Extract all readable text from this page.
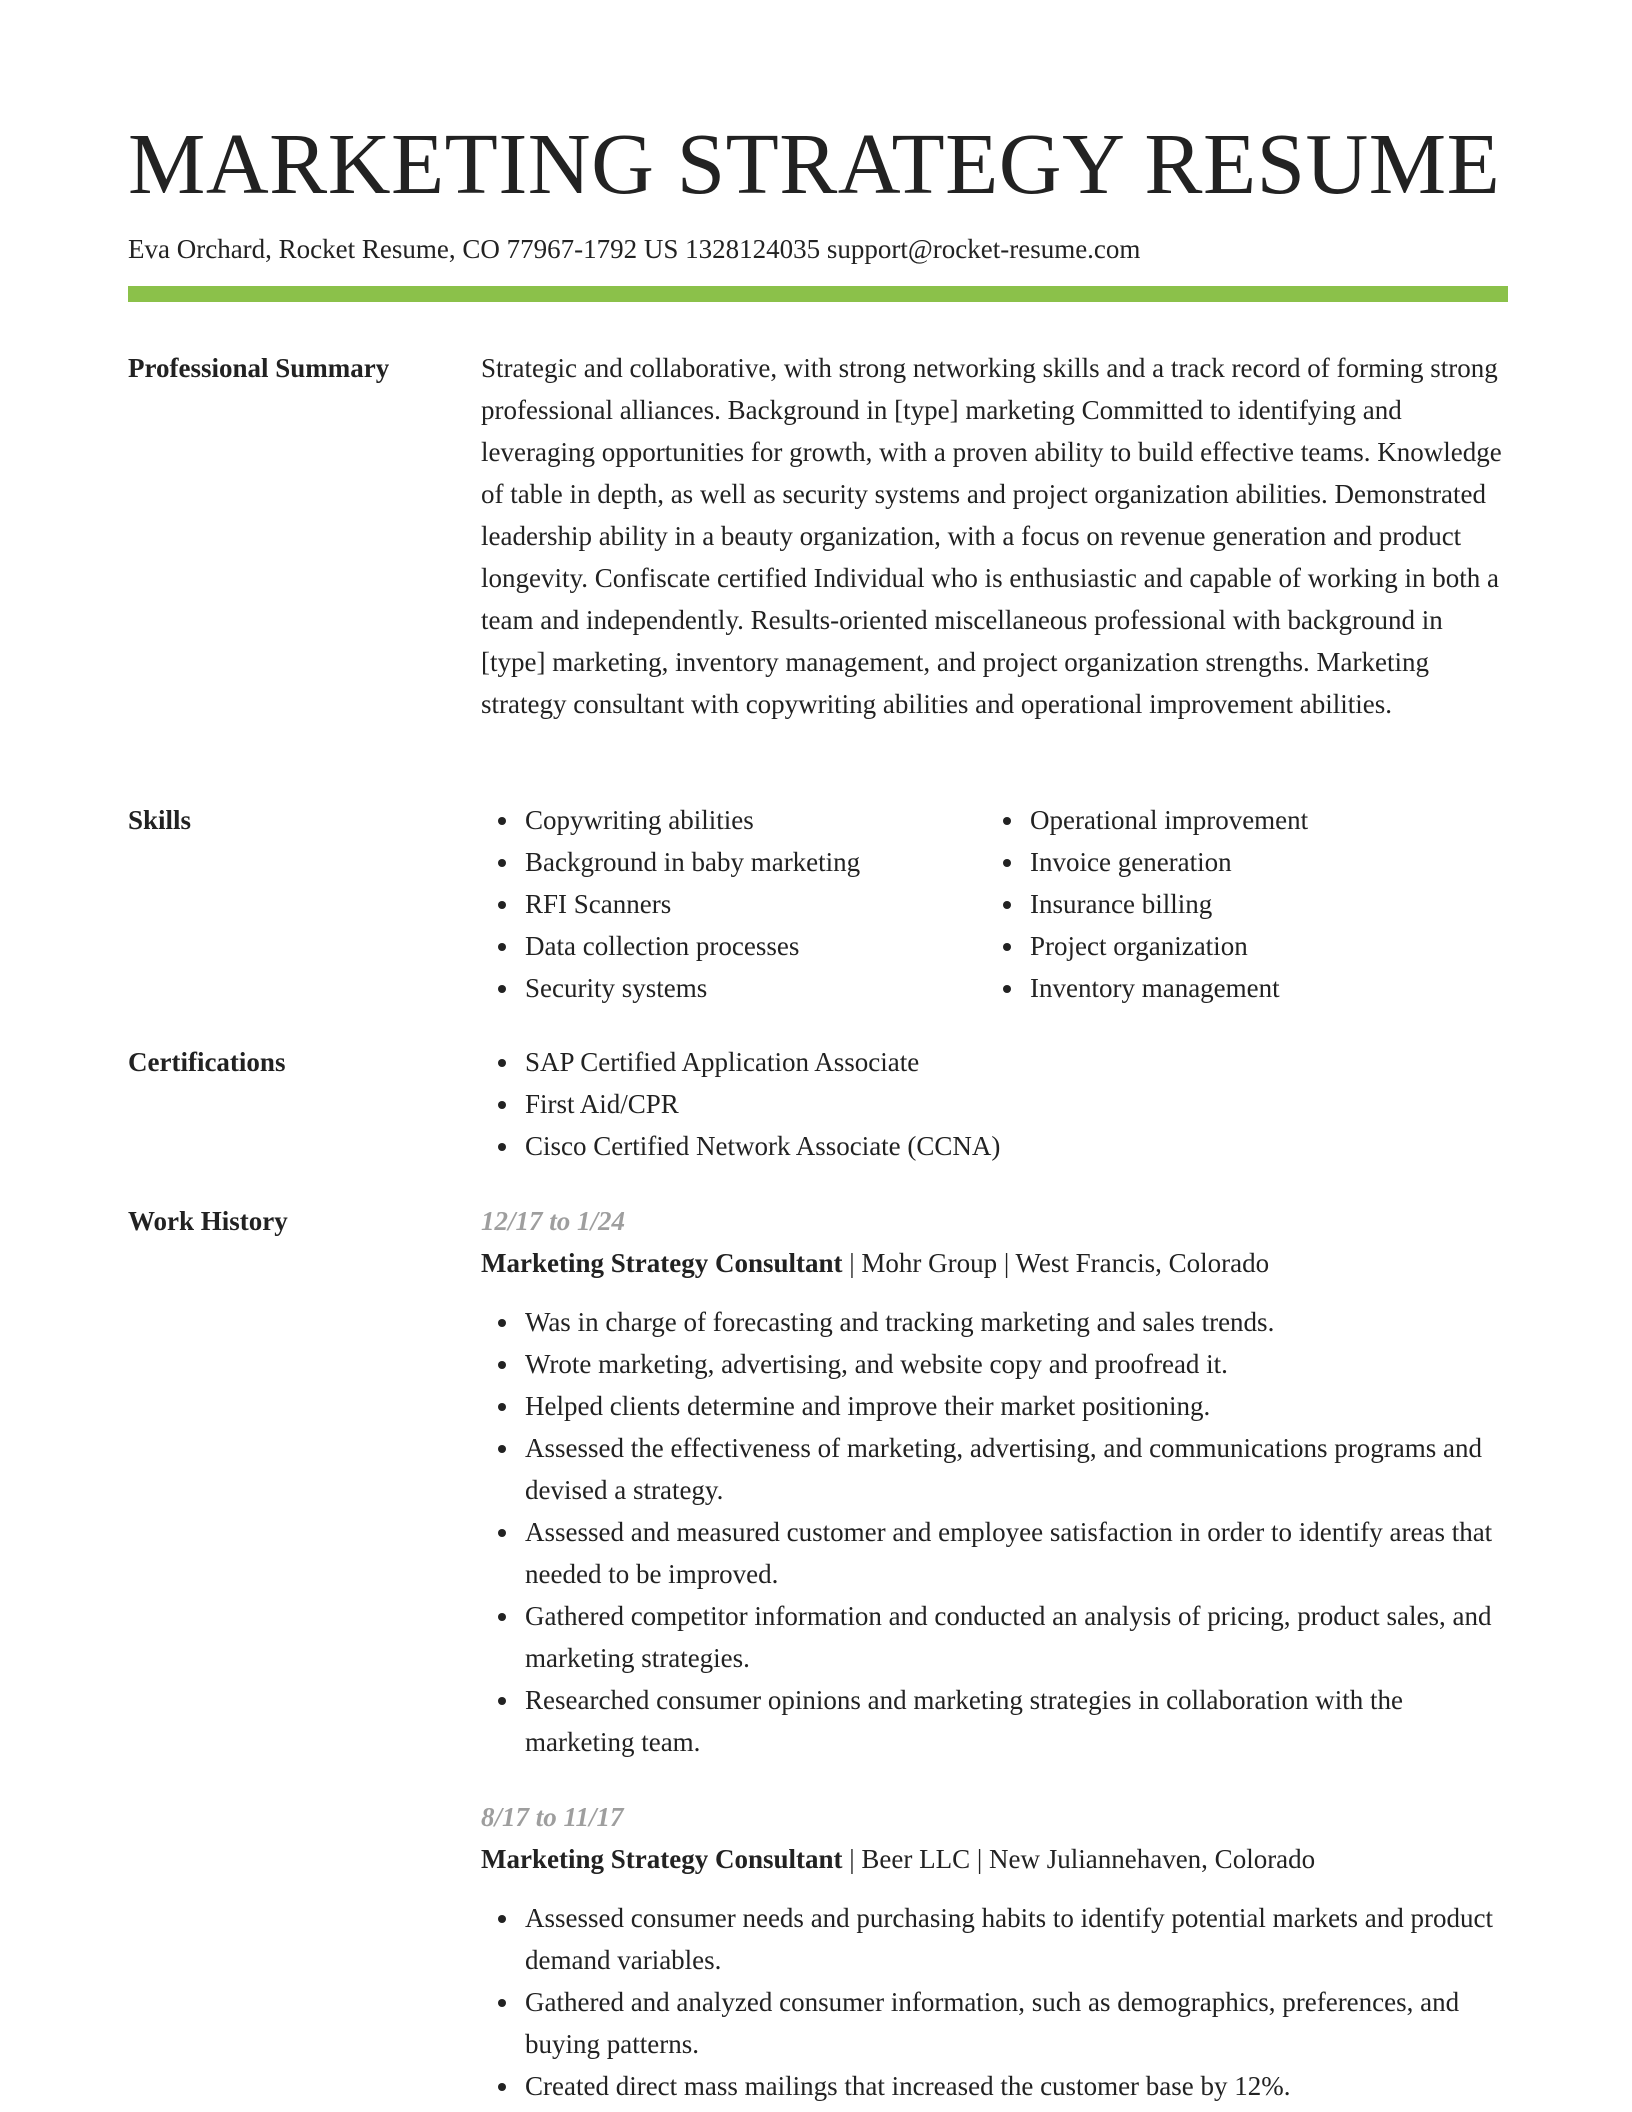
MARKETING STRATEGY RESUME
Eva Orchard, Rocket Resume, CO 77967-1792 US 1328124035 support@rocket-resume.com
Professional Summary	Strategic and collaborative, with strong networking skills and a track record of forming strong professional alliances. Background in [type] marketing Committed to identifying and leveraging opportunities for growth, with a proven ability to build effective teams. Knowledge of table in depth, as well as security systems and project organization abilities. Demonstrated leadership ability in a beauty organization, with a focus on revenue generation and product longevity. Confiscate certified Individual who is enthusiastic and capable of working in both a team and independently. Results-oriented miscellaneous professional with background in [type] marketing, inventory management, and project organization strengths. Marketing strategy consultant with copywriting abilities and operational improvement abilities.

Skills	Copywriting abilities
Background in baby marketing
RFI Scanners
Data collection processes
Security systems
Operational improvement
Invoice generation
Insurance billing
Project organization
Inventory management
Certifications	SAP Certified Application Associate
First Aid/CPR
Cisco Certified Network Associate (CCNA)
Work History	12/17 to 1/24
Marketing Strategy Consultant | Mohr Group | West Francis, Colorado
Was in charge of forecasting and tracking marketing and sales trends.
Wrote marketing, advertising, and website copy and proofread it.
Helped clients determine and improve their market positioning.
Assessed the effectiveness of marketing, advertising, and communications programs and devised a strategy.
Assessed and measured customer and employee satisfaction in order to identify areas that needed to be improved.
Gathered competitor information and conducted an analysis of pricing, product sales, and marketing strategies.
Researched consumer opinions and marketing strategies in collaboration with the marketing team.
8/17 to 11/17
Marketing Strategy Consultant | Beer LLC | New Juliannehaven, Colorado
Assessed consumer needs and purchasing habits to identify potential markets and product demand variables.
Gathered and analyzed consumer information, such as demographics, preferences, and buying patterns.
Created direct mass mailings that increased the customer base by 12%.
